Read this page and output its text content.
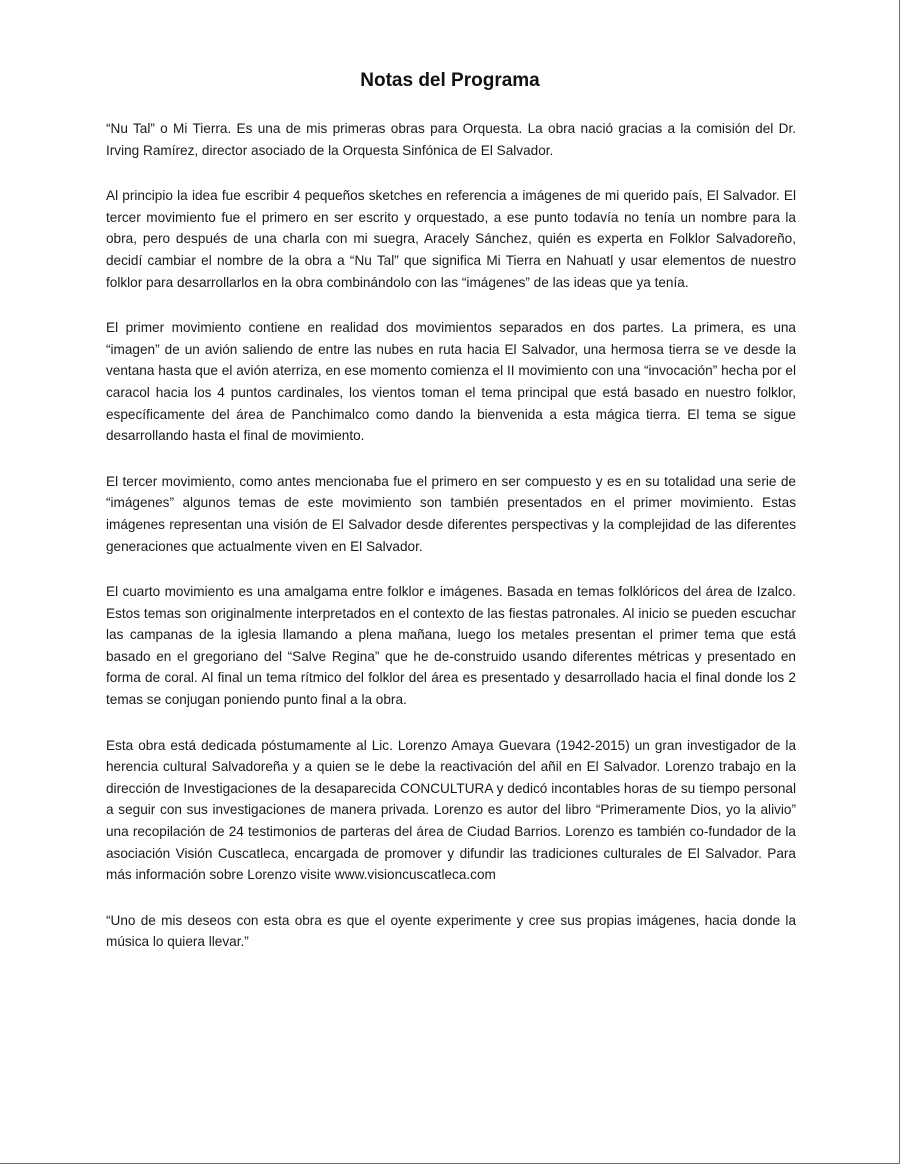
Notas del Programa

“Nu Tal” o Mi Tierra. Es una de mis primeras obras para Orquesta. La obra nació gracias a la comisión del Dr. Irving Ramírez, director asociado de la Orquesta Sinfónica de El Salvador.

Al principio la idea fue escribir 4 pequeños sketches en referencia a imágenes de mi querido país, El Salvador. El tercer movimiento fue el primero en ser escrito y orquestado, a ese punto todavía no tenía un nombre para la obra, pero después de una charla con mi suegra, Aracely Sánchez, quién es experta en Folklor Salvadoreño, decidí cambiar el nombre de la obra a “Nu Tal” que significa Mi Tierra en Nahuatl y usar elementos de nuestro folklor para desarrollarlos en la obra combinándolo con las “imágenes” de las ideas que ya tenía.

El primer movimiento contiene en realidad dos movimientos separados en dos partes. La primera, es una “imagen” de un avión saliendo de entre las nubes en ruta hacia El Salvador, una hermosa tierra se ve desde la ventana hasta que el avión aterriza, en ese momento comienza el II movimiento con una “invocación” hecha por el caracol hacia los 4 puntos cardinales, los vientos toman el tema principal que está basado en nuestro folklor, específicamente del área de Panchimalco como dando la bienvenida a esta mágica tierra. El tema se sigue desarrollando hasta el final de movimiento.

El tercer movimiento, como antes mencionaba fue el primero en ser compuesto y es en su totalidad una serie de “imágenes” algunos temas de este movimiento son también presentados en el primer movimiento. Estas imágenes representan una visión de El Salvador desde diferentes perspectivas y la complejidad de las diferentes generaciones que actualmente viven en El Salvador.

El cuarto movimiento es una amalgama entre folklor e imágenes. Basada en temas folklóricos del área de Izalco. Estos temas son originalmente interpretados en el contexto de las fiestas patronales. Al inicio se pueden escuchar las campanas de la iglesia llamando a plena mañana, luego los metales presentan el primer tema que está basado en el gregoriano del “Salve Regina” que he de-construido usando diferentes métricas y presentado en forma de coral. Al final un tema rítmico del folklor del área es presentado y desarrollado hacia el final donde los 2 temas se conjugan poniendo punto final a la obra.

Esta obra está dedicada póstumamente al Lic. Lorenzo Amaya Guevara (1942-2015) un gran investigador de la herencia cultural Salvadoreña y a quien se le debe la reactivación del añil en El Salvador. Lorenzo trabajo en la dirección de Investigaciones de la desaparecida CONCULTURA y dedicó incontables horas de su tiempo personal a seguir con sus investigaciones de manera privada. Lorenzo es autor del libro “Primeramente Dios, yo la alivio” una recopilación de 24 testimonios de parteras del área de Ciudad Barrios. Lorenzo es también co-fundador de la asociación Visión Cuscatleca, encargada de promover y difundir las tradiciones culturales de El Salvador. Para más información sobre Lorenzo visite www.visioncuscatleca.com

“Uno de mis deseos con esta obra es que el oyente experimente y cree sus propias imágenes, hacia donde la música lo quiera llevar.”
